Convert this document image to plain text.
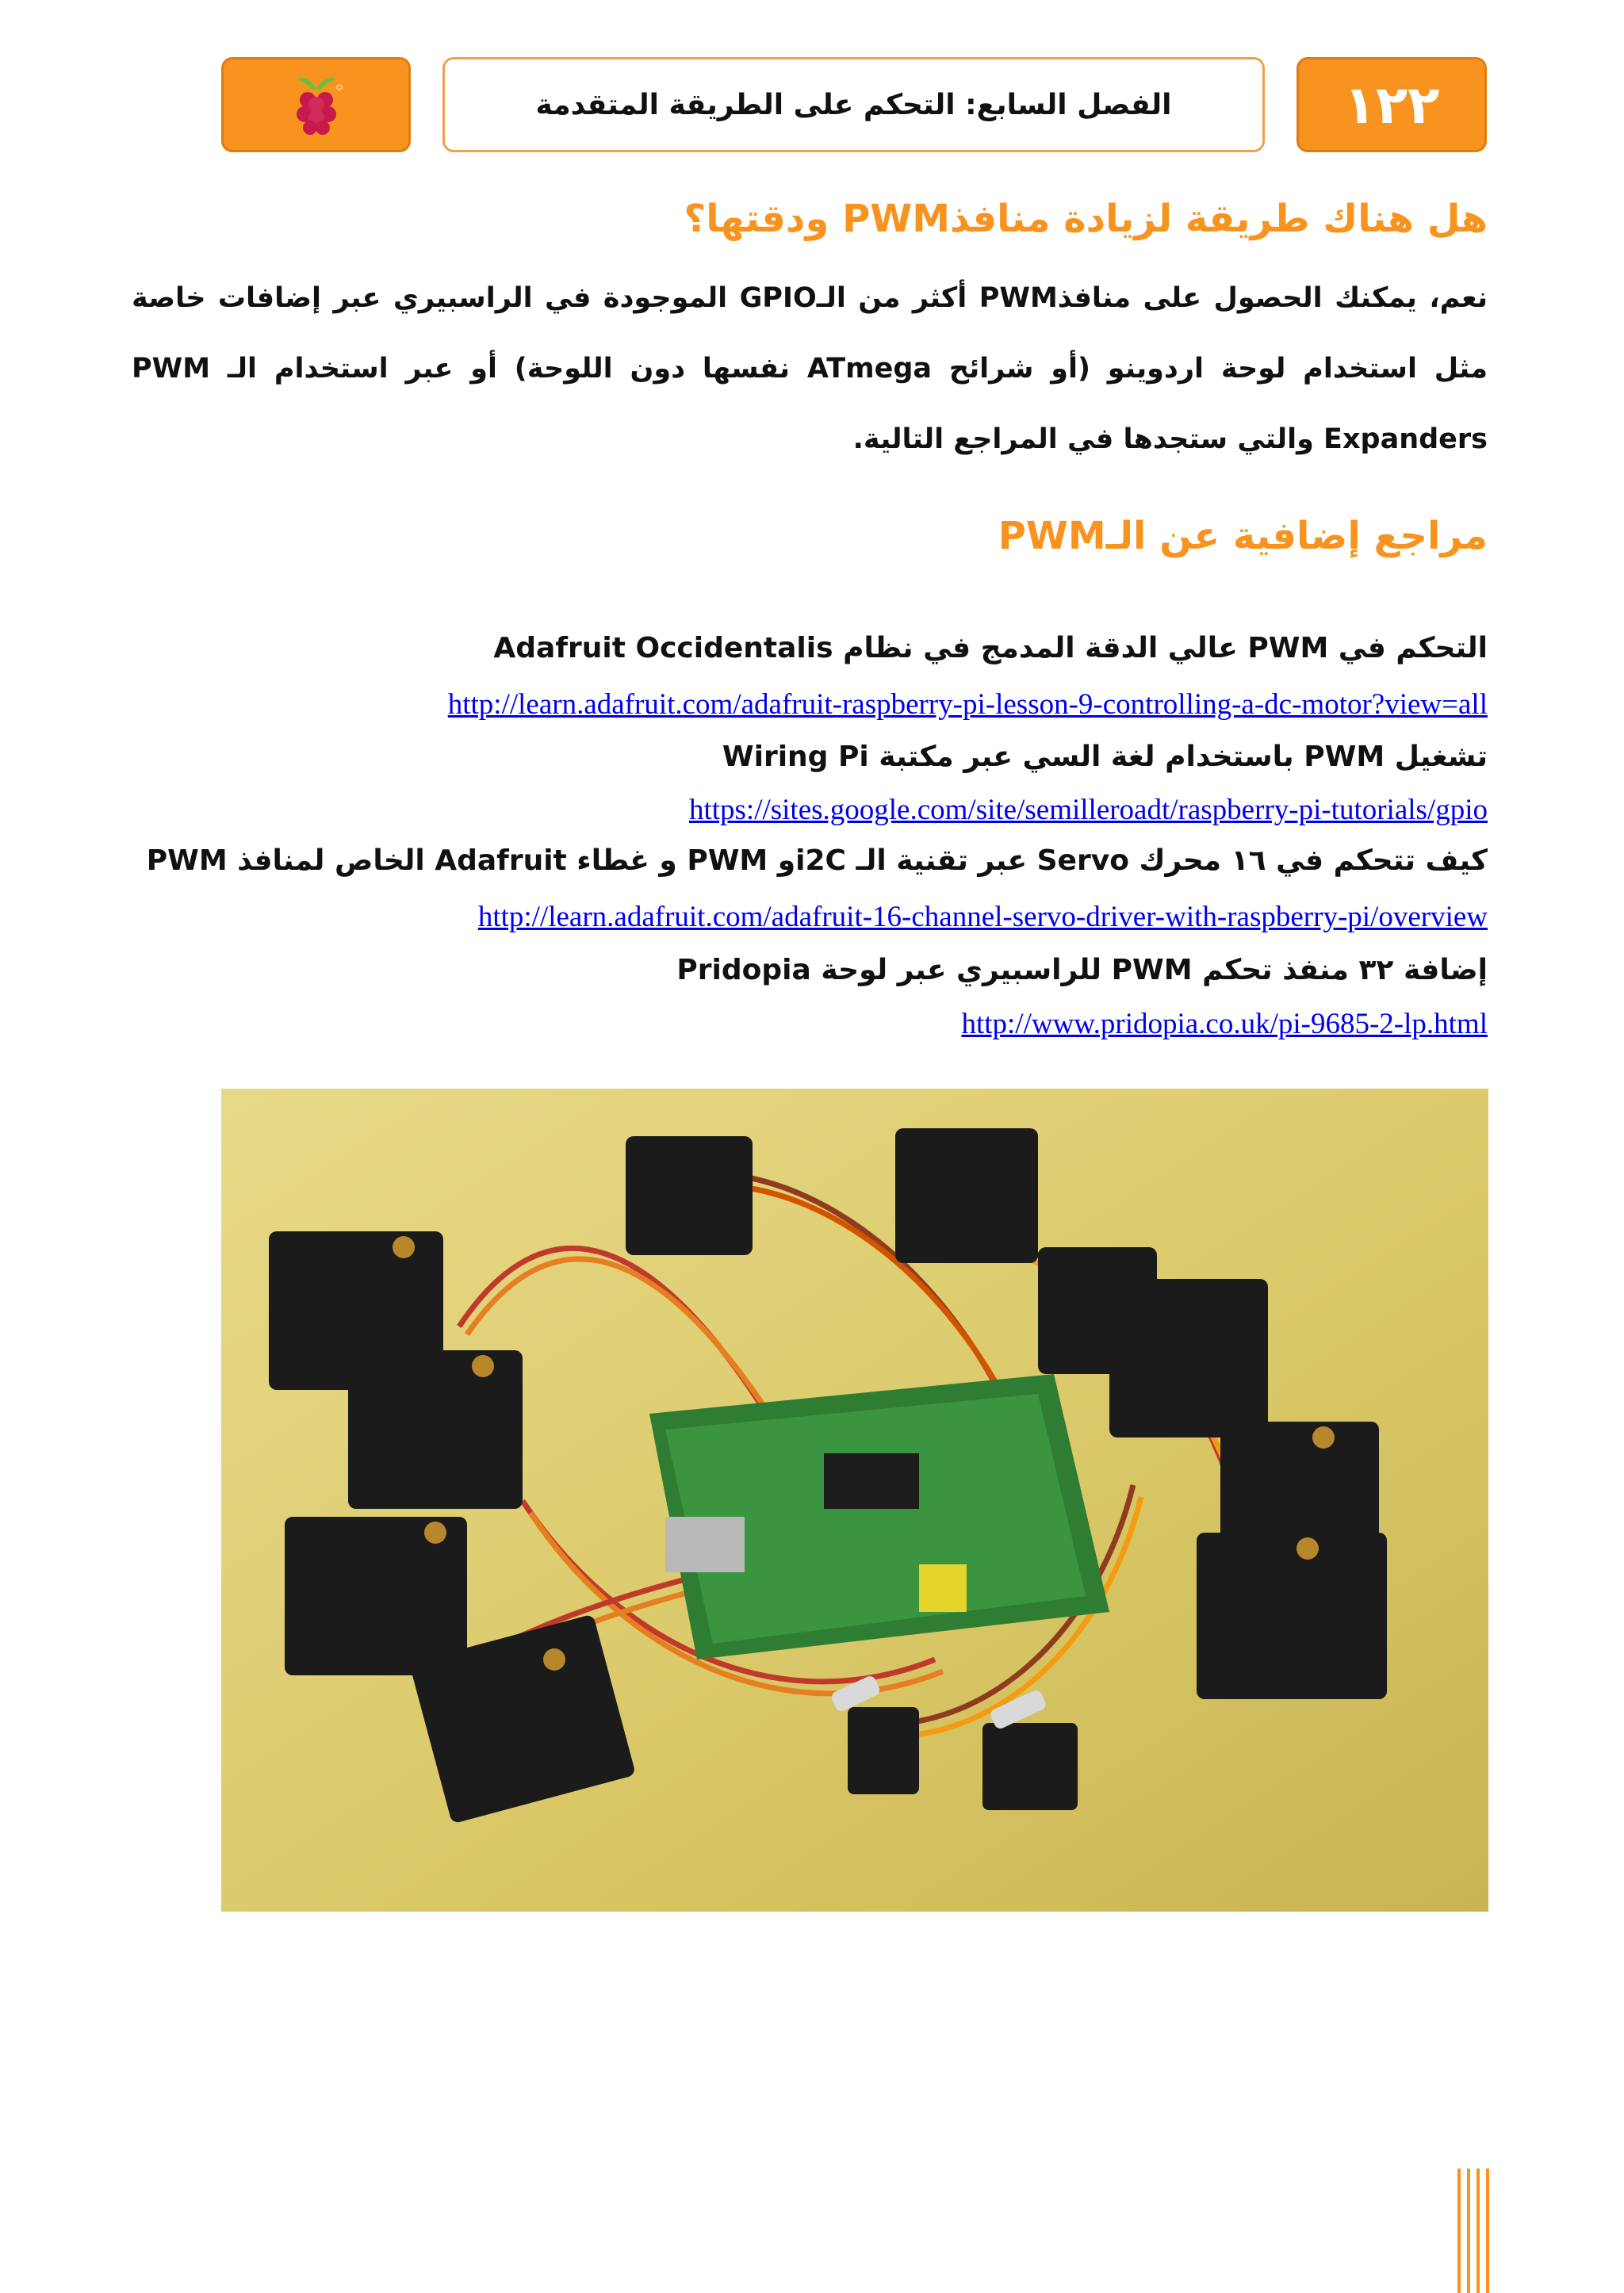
الفصل السابع: التحكم على الطريقة المتقدمة	١٢٢
هل هناك طريقة لزيادة منافذPWM ودقتها؟

نعم، يمكنك الحصول على منافذPWM أكثر من الـGPIO الموجودة في الراسبيري عبر إضافات خاصة مثل استخدام لوحة اردوينو (أو شرائح ATmega نفسها دون اللوحة) أو عبر استخدام الـ PWM Expanders والتي ستجدها في المراجع التالية.

مراجع إضافية عن الـPWM
التحكم في PWM عالي الدقة المدمج في نظام Adafruit Occidentalis
http://learn.adafruit.com/adafruit-raspberry-pi-lesson-9-controlling-a-dc-motor?view=all
تشغيل PWM باستخدام لغة السي عبر مكتبة Wiring Pi
https://sites.google.com/site/semilleroadt/raspberry-pi-tutorials/gpio
كيف تتحكم في ١٦ محرك Servo عبر تقنية الـ i2Cو PWM و غطاء Adafruit الخاص لمنافذ PWM
http://learn.adafruit.com/adafruit-16-channel-servo-driver-with-raspberry-pi/overview
إضافة ٣٢ منفذ تحكم PWM للراسبيري عبر لوحة Pridopia
http://www.pridopia.co.uk/pi-9685-2-lp.html
